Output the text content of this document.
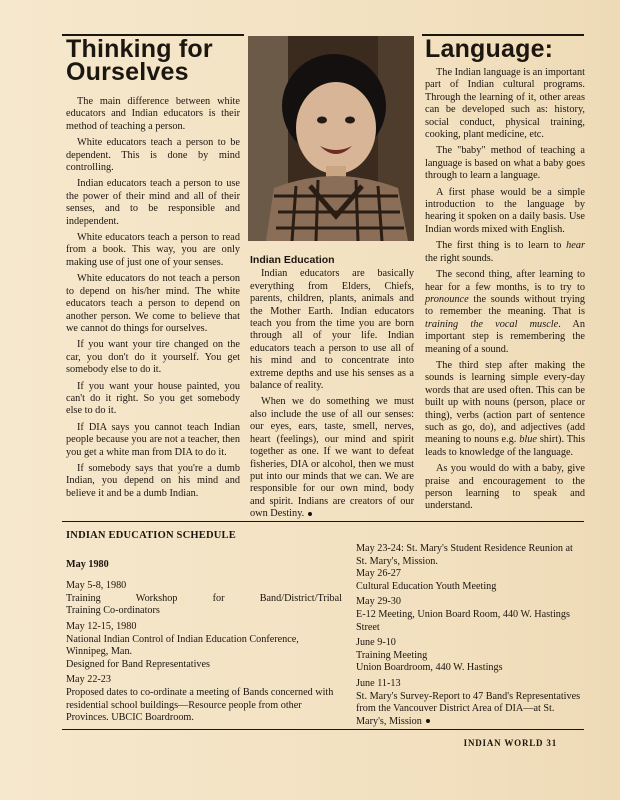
Thinking for
Ourselves

The main difference between white educators and Indian educators is their method of teaching a person.

White educators teach a person to be dependent. This is done by mind controlling.

Indian educators teach a person to use the power of their mind and all of their senses, and to be responsible and independent.

White educators teach a person to read from a book. This way, you are only making use of just one of your senses.

White educators do not teach a person to depend on his/her mind. The white educators teach a person to depend on another person. We come to believe that we cannot do things for ourselves.

If you want your tire changed on the car, you don't do it yourself. You get somebody else to do it.

If you want your house painted, you can't do it right. So you get somebody else to do it.

If DIA says you cannot teach Indian people because you are not a teacher, then you get a white man from DIA to do it.

If somebody says that you're a dumb Indian, you depend on his mind and believe it and be a dumb Indian.

Indian Education

Indian educators are basically everything from Elders, Chiefs, parents, children, plants, animals and the Mother Earth. Indian educators teach you from the time you are born through all of your life. Indian educators teach a person to use all of his mind and to concentrate into extreme depths and use his senses as a balance of reality.

When we do something we must also include the use of all our senses: our eyes, ears, taste, smell, nerves, heart (feelings), our mind and spirit together as one. If we want to defeat fisheries, DIA or alcohol, then we must put into our minds that we can. We are responsible for our own mind, body and spirit. Indians are creators of our own Destiny.

Language:

The Indian language is an important part of Indian cultural programs. Through the learning of it, other areas can be developed such as: history, social conduct, physical training, cooking, plant medicine, etc.

The "baby" method of teaching a language is based on what a baby goes through to learn a language.

A first phase would be a simple introduction to the language by hearing it spoken on a daily basis. Use Indian words mixed with English.

The first thing is to learn to hear the right sounds.

The second thing, after learning to hear for a few months, is to try to pronounce the sounds without trying to remember the meaning. That is training the vocal muscle. An important step is remembering the meaning of a sound.

The third step after making the sounds is learning simple every-day words that are used often. This can be built up with nouns (person, place or thing), verbs (action part of sentence such as go, do), and adjectives (add meaning to nouns e.g. blue shirt). This leads to knowledge of the language.

As you would do with a baby, give praise and encouragement to the person learning to speak and understand.

INDIAN EDUCATION SCHEDULE
May 1980
May 5-8, 1980
Training Workshop for Band/District/Tribal
Training Co-ordinators
May 12-15, 1980
National Indian Control of Indian Education Conference, Winnipeg, Man.
Designed for Band Representatives
May 22-23
Proposed dates to co-ordinate a meeting of Bands concerned with residential school buildings—Resource people from other Provinces. UBCIC Boardroom.
May 23-24: St. Mary's Student Residence Reunion at St. Mary's, Mission.
May 26-27
Cultural Education Youth Meeting
May 29-30
E-12 Meeting, Union Board Room, 440 W. Hastings Street
June 9-10
Training Meeting
Union Boardroom, 440 W. Hastings
June 11-13
St. Mary's Survey-Report to 47 Band's Representatives from the Vancouver District Area of DIA—at St. Mary's, Mission
INDIAN WORLD 31
